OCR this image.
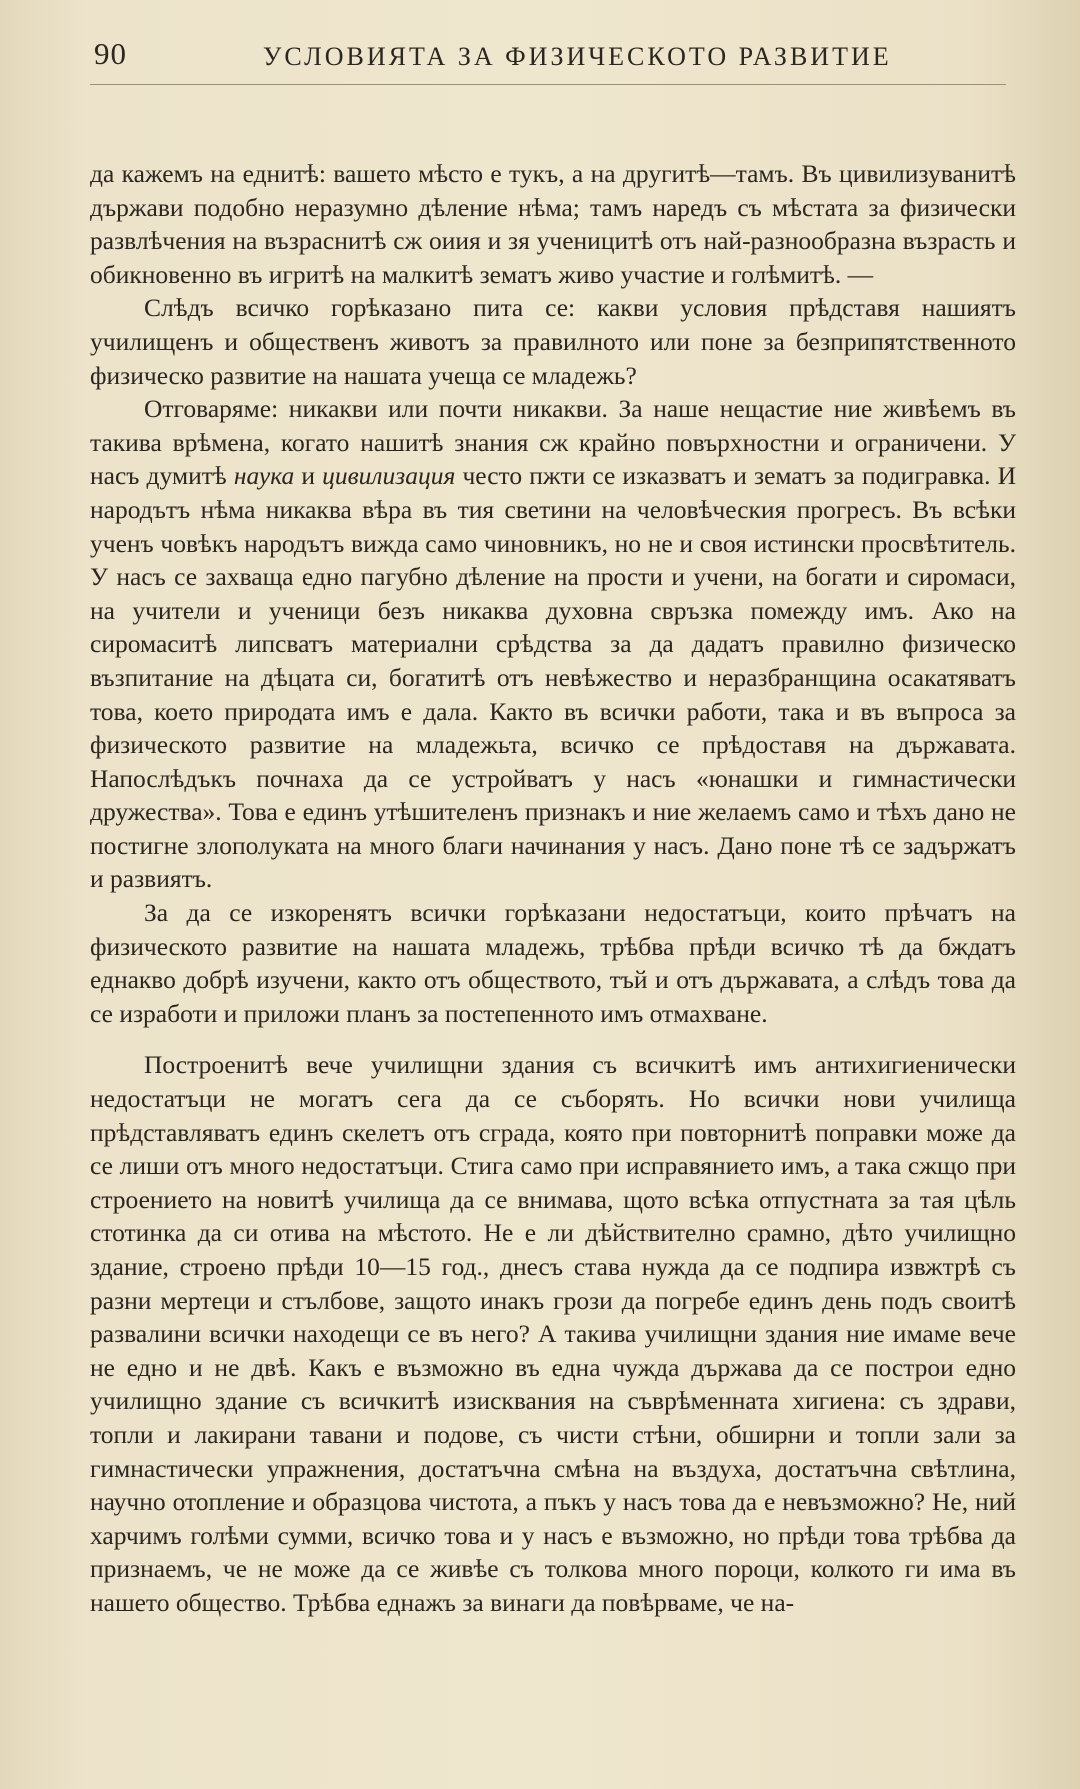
90	УСЛОВИЯТА ЗА ФИЗИЧЕСКОТО РАЗВИТИЕ

да кажемъ на еднитѣ: вашето мѣсто е тукъ, а на другитѣ—тамъ. Въ цивилизуванитѣ държави подобно неразумно дѣление нѣма; тамъ наредъ съ мѣстата за физически развлѣчения на възраснитѣ сж оиия и зя ученицитѣ отъ най-разнообразна възрасть и обикновенно въ игритѣ на малкитѣ зематъ живо участие и голѣмитѣ. —

Слѣдъ всичко горѣказано пита се: какви условия прѣдставя нашиятъ училищенъ и общественъ животъ за правилното или поне за безприпятственното физическо развитие на нашата учеща се младежь?

Отговаряме: никакви или почти никакви. За наше нещастие ние живѣемъ въ такива врѣмена, когато нашитѣ знания сж крайно повърхностни и ограничени. У насъ думитѣ наука и цивилизация често пжти се изказватъ и зематъ за подигравка. И народътъ нѣма никаква вѣра въ тия светини на человѣческия прогресъ. Въ всѣки ученъ човѣкъ народътъ вижда само чиновникъ, но не и своя истински просвѣтитель. У насъ се захваща едно пагубно дѣление на прости и учени, на богати и сиромаси, на учители и ученици безъ никаква духовна свръзка помежду имъ. Ако на сиромаситѣ липсватъ материални срѣдства за да дадатъ правилно физическо възпитание на дѣцата си, богатитѣ отъ невѣжество и неразбранщина осакатяватъ това, което природата имъ е дала. Както въ всички работи, така и въ въпроса за физическото развитие на младежьта, всичко се прѣдоставя на държавата. Напослѣдъкъ почнаха да се устройватъ у насъ «юнашки и гимнастически дружества». Това е единъ утѣшителенъ признакъ и ние желаемъ само и тѣхъ дано не постигне злополуката на много благи начинания у насъ. Дано поне тѣ се задържатъ и развиятъ.

За да се изкоренятъ всички горѣказани недостатъци, които прѣчатъ на физическото развитие на нашата младежь, трѣбва прѣди всичко тѣ да бждатъ еднакво добрѣ изучени, както отъ обществото, тъй и отъ държавата, а слѣдъ това да се изработи и приложи планъ за постепенното имъ отмахване.

Построенитѣ вече училищни здания съ всичкитѣ имъ антихигиенически недостатъци не могатъ сега да се съборять. Но всички нови училища прѣдставляватъ единъ скелетъ отъ сграда, която при повторнитѣ поправки може да се лиши отъ много недостатъци. Стига само при исправянието имъ, а така сжщо при строението на новитѣ училища да се внимава, щото всѣка отпустната за тая цѣль стотинка да си отива на мѣстото. Не е ли дѣйствително срамно, дѣто училищно здание, строено прѣди 10—15 год., днесъ става нужда да се подпира извжтрѣ съ разни мертеци и стълбове, защото инакъ грози да погребе единъ день подъ своитѣ развалини всички находещи се въ него? А такива училищни здания ние имаме вече не едно и не двѣ. Какъ е възможно въ една чужда държава да се построи едно училищно здание съ всичкитѣ изисквания на съврѣменната хигиена: съ здрави, топли и лакирани тавани и подове, съ чисти стѣни, обширни и топли зали за гимнастически упражнения, достатъчна смѣна на въздуха, достатъчна свѣтлина, научно отопление и образцова чистота, а пъкъ у насъ това да е невъзможно? Не, ний харчимъ голѣми сумми, всичко това и у насъ е възможно, но прѣди това трѣбва да признаемъ, че не може да се живѣе съ толкова много пороци, колкото ги има въ нашето общество. Трѣбва еднажъ за винаги да повѣрваме, че на-
